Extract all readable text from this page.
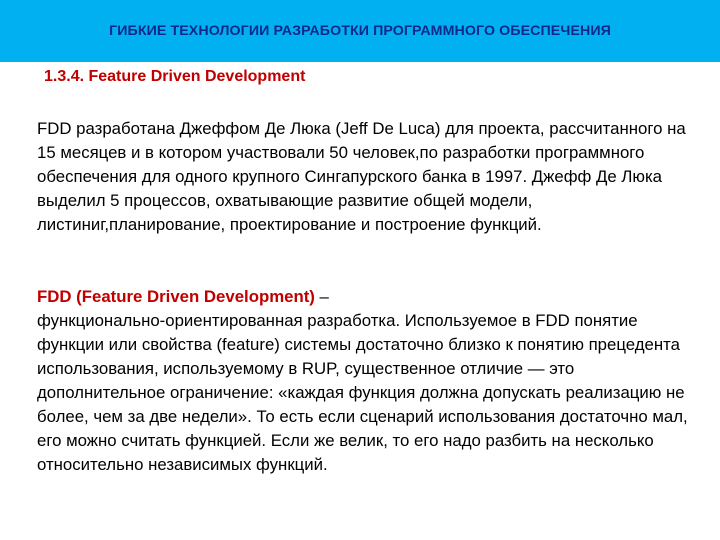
ГИБКИЕ ТЕХНОЛОГИИ РАЗРАБОТКИ ПРОГРАММНОГО ОБЕСПЕЧЕНИЯ
1.3.4. Feature Driven Development

FDD разработана Джеффом Де Люка (Jeff De Luca) для проекта, рассчитанного на 15 месяцев и в котором участвовали 50 человек,по разработки программного обеспечения для одного крупного Сингапурского банка в 1997. Джефф Де Люка выделил 5 процессов, охватывающие развитие общей модели, листиниг,планирование, проектирование и построение функций.

FDD (Feature Driven Development) –
функционально-ориентированная разработка. Используемое в FDD понятие функции или свойства (feature) системы достаточно близко к понятию прецедента использования, используемому в RUP, существенное отличие — это дополнительное ограничение: «каждая функция должна допускать реализацию не более, чем за две недели». То есть если сценарий использования достаточно мал, его можно считать функцией. Если же велик, то его надо разбить на несколько относительно независимых функций.
